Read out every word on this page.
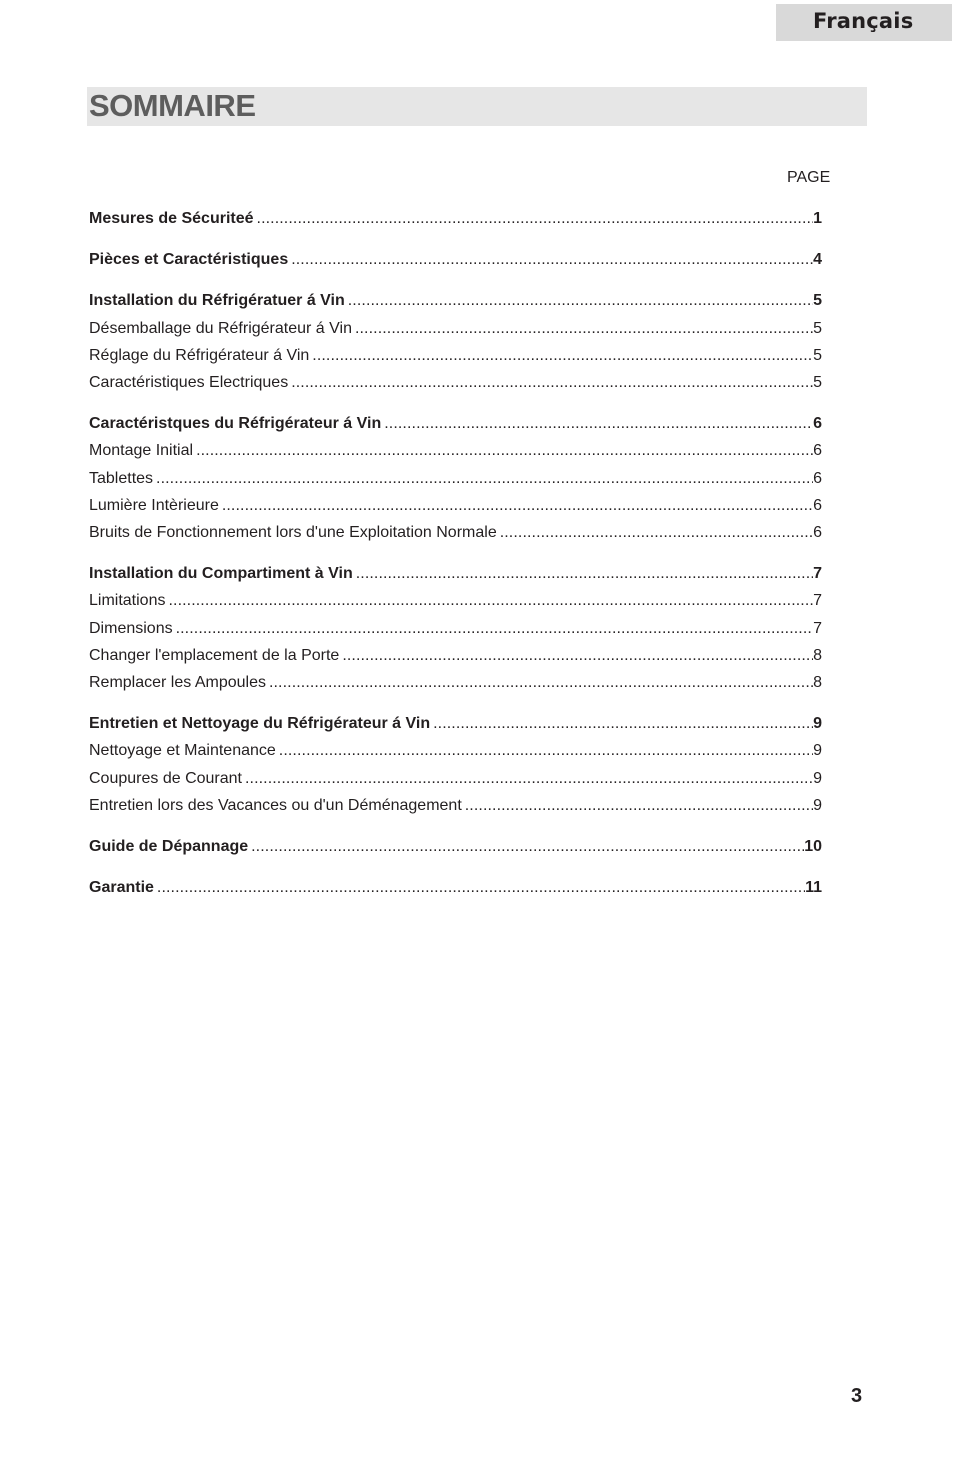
Français
SOMMAIRE
PAGE
Mesures de Sécuriteé .....	1
Pièces et Caractéristiques .....	4
Installation du Réfrigératuer á Vin .....	5
Désemballage du Réfrigérateur á Vin .....	5
Réglage du Réfrigérateur á Vin .....	5
Caractéristiques Electriques .....	5
Caractéristques du Réfrigérateur á Vin .....	6
Montage Initial .....	6
Tablettes .....	6
Lumière Intèrieure .....	6
Bruits de Fonctionnement lors d'une Exploitation Normale .....	6
Installation du Compartiment à Vin .....	7
Limitations .....	7
Dimensions .....	7
Changer l'emplacement de la Porte .....	8
Remplacer les Ampoules .....	8
Entretien et Nettoyage du Réfrigérateur á Vin .....	9
Nettoyage et Maintenance .....	9
Coupures de Courant .....	9
Entretien lors des Vacances ou d'un Déménagement .....	9
Guide de Dépannage .....	10
Garantie .....	11
3
